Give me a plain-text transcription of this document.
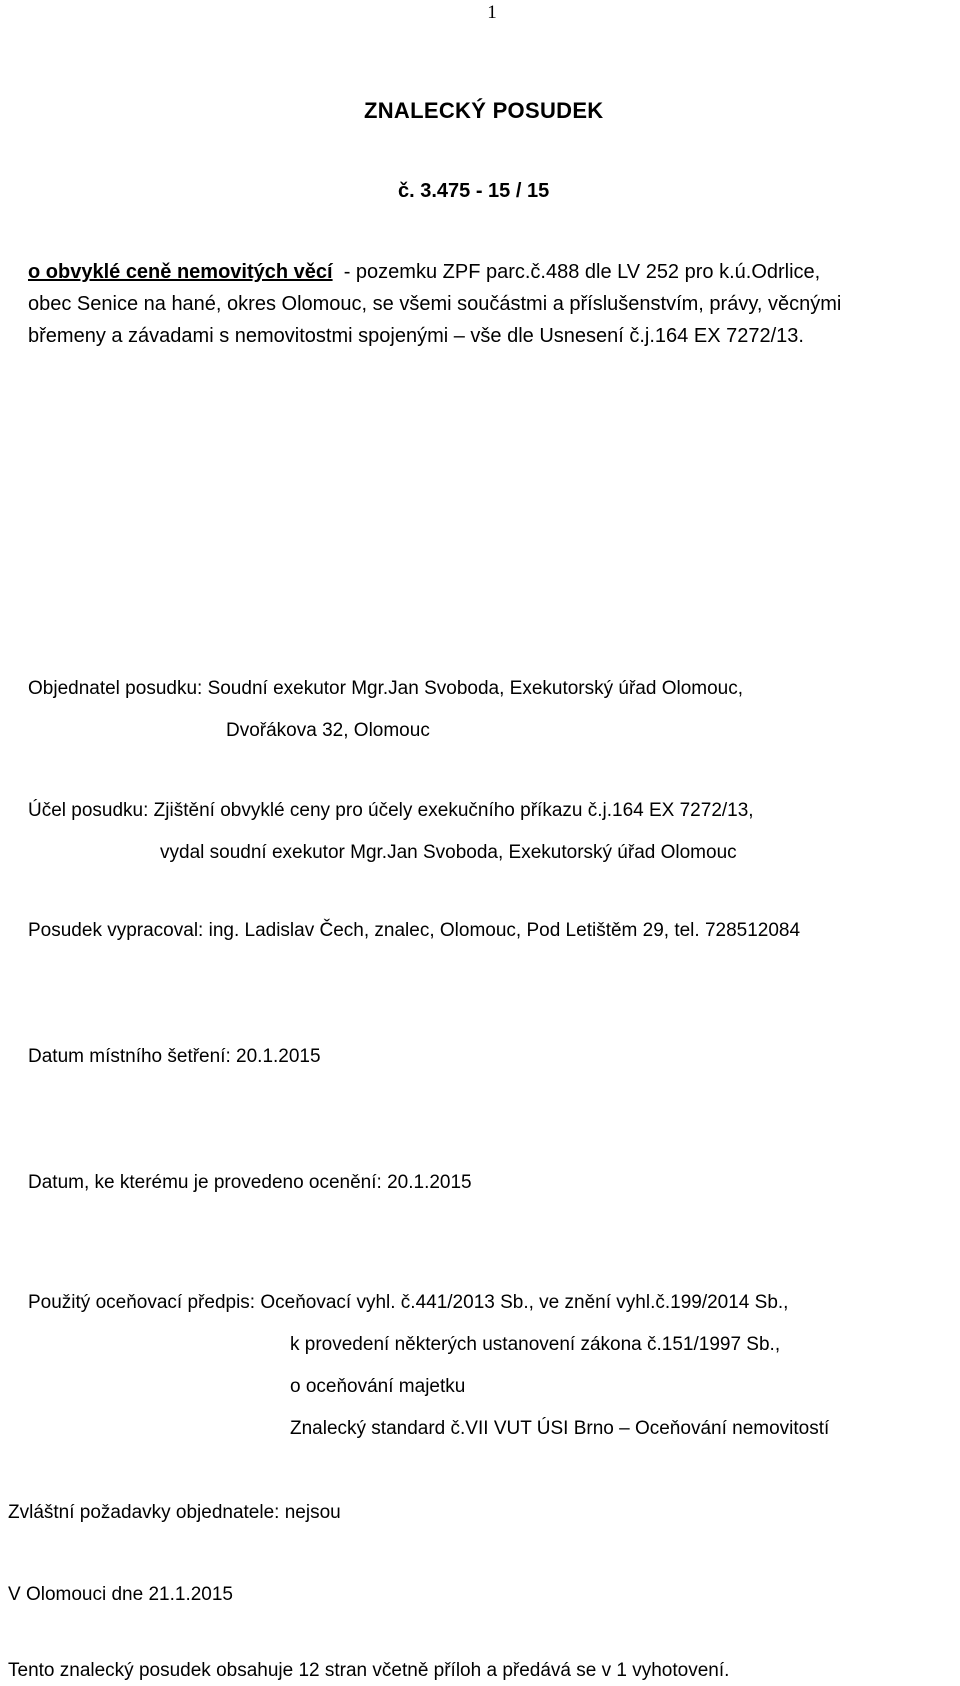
1
ZNALECKÝ POSUDEK
č. 3.475 - 15 / 15
o obvyklé ceně nemovitých věcí  - pozemku ZPF parc.č.488 dle LV 252 pro k.ú.Odrlice,
obec Senice na hané, okres Olomouc, se všemi součástmi a příslušenstvím, právy, věcnými
břemeny a závadami s nemovitostmi spojenými – vše dle Usnesení č.j.164 EX 7272/13.
Objednatel posudku: Soudní exekutor Mgr.Jan Svoboda, Exekutorský úřad Olomouc,
Dvořákova 32, Olomouc
Účel posudku: Zjištění obvyklé ceny pro účely exekučního příkazu č.j.164 EX 7272/13,
vydal soudní exekutor Mgr.Jan Svoboda, Exekutorský úřad Olomouc
Posudek vypracoval: ing. Ladislav Čech, znalec, Olomouc, Pod Letištěm 29, tel. 728512084
Datum místního šetření: 20.1.2015
Datum, ke kterému je provedeno ocenění: 20.1.2015
Použitý oceňovací předpis: Oceňovací vyhl. č.441/2013 Sb., ve znění vyhl.č.199/2014 Sb.,
k provedení některých ustanovení zákona č.151/1997 Sb.,
o oceňování majetku
Znalecký standard č.VII VUT ÚSI Brno – Oceňování nemovitostí
Zvláštní požadavky objednatele: nejsou
V Olomouci dne 21.1.2015
Tento znalecký posudek obsahuje 12 stran včetně příloh a předává se v 1 vyhotovení.
